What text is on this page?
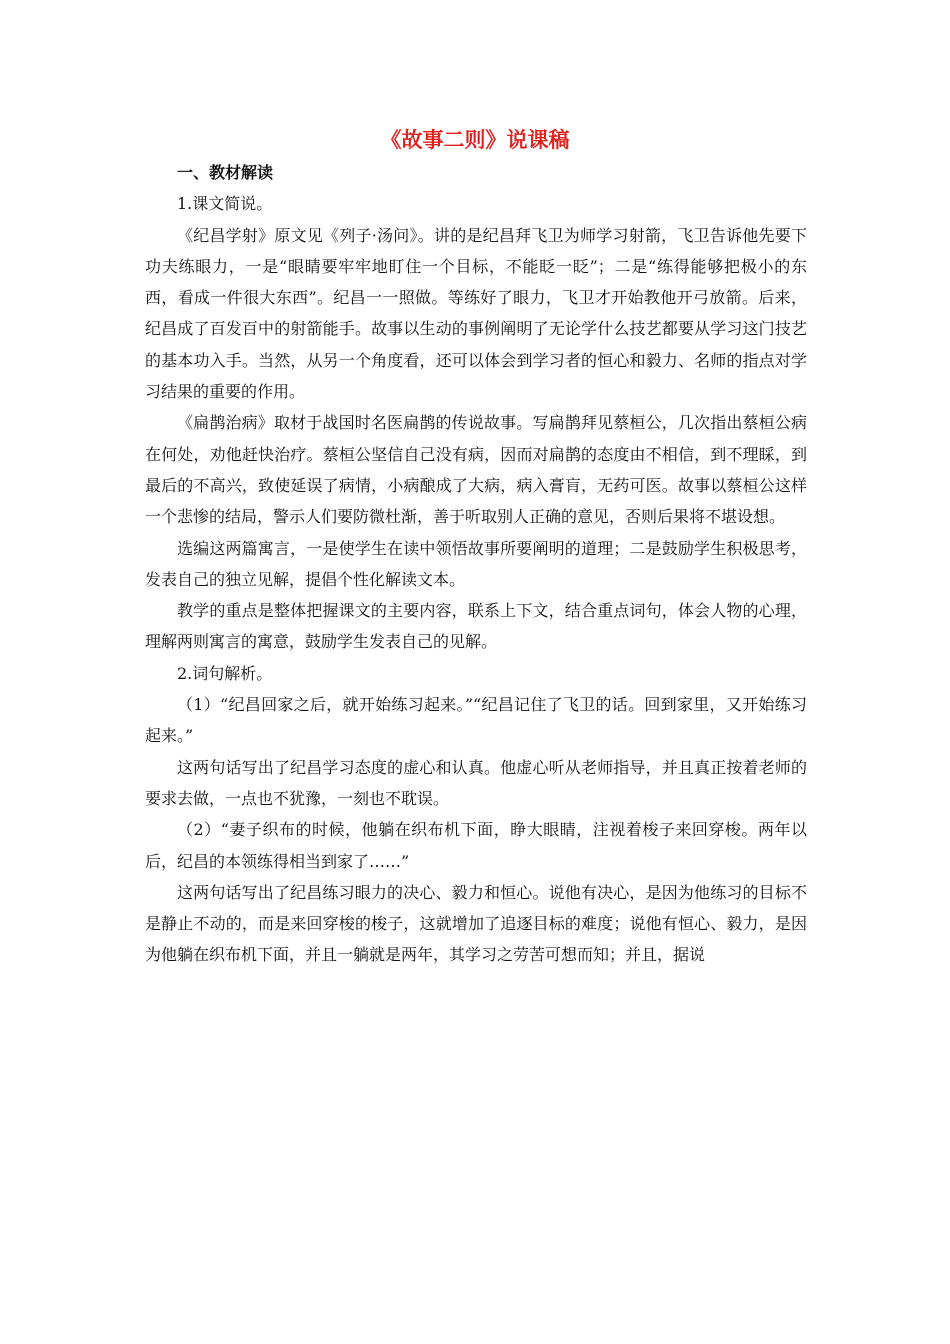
《故事二则》说课稿

一、教材解读

1.课文简说。

《纪昌学射》原文见《列子·汤问》。讲的是纪昌拜飞卫为师学习射箭，飞卫告诉他先要下功夫练眼力，一是“眼睛要牢牢地盯住一个目标，不能眨一眨”；二是“练得能够把极小的东西，看成一件很大东西”。纪昌一一照做。等练好了眼力，飞卫才开始教他开弓放箭。后来，纪昌成了百发百中的射箭能手。故事以生动的事例阐明了无论学什么技艺都要从学习这门技艺的基本功入手。当然，从另一个角度看，还可以体会到学习者的恒心和毅力、名师的指点对学习结果的重要的作用。

《扁鹊治病》取材于战国时名医扁鹊的传说故事。写扁鹊拜见蔡桓公，几次指出蔡桓公病在何处，劝他赶快治疗。蔡桓公坚信自己没有病，因而对扁鹊的态度由不相信，到不理睬，到最后的不高兴，致使延误了病情，小病酿成了大病，病入膏肓，无药可医。故事以蔡桓公这样一个悲惨的结局，警示人们要防微杜渐，善于听取别人正确的意见，否则后果将不堪设想。

选编这两篇寓言，一是使学生在读中领悟故事所要阐明的道理；二是鼓励学生积极思考，发表自己的独立见解，提倡个性化解读文本。

教学的重点是整体把握课文的主要内容，联系上下文，结合重点词句，体会人物的心理，理解两则寓言的寓意，鼓励学生发表自己的见解。

2.词句解析。

（1）“纪昌回家之后，就开始练习起来。”“纪昌记住了飞卫的话。回到家里，又开始练习起来。”

这两句话写出了纪昌学习态度的虚心和认真。他虚心听从老师指导，并且真正按着老师的要求去做，一点也不犹豫，一刻也不耽误。

（2）“妻子织布的时候，他躺在织布机下面，睁大眼睛，注视着梭子来回穿梭。两年以后，纪昌的本领练得相当到家了……”

这两句话写出了纪昌练习眼力的决心、毅力和恒心。说他有决心，是因为他练习的目标不是静止不动的，而是来回穿梭的梭子，这就增加了追逐目标的难度；说他有恒心、毅力，是因为他躺在织布机下面，并且一躺就是两年，其学习之劳苦可想而知；并且，据说
